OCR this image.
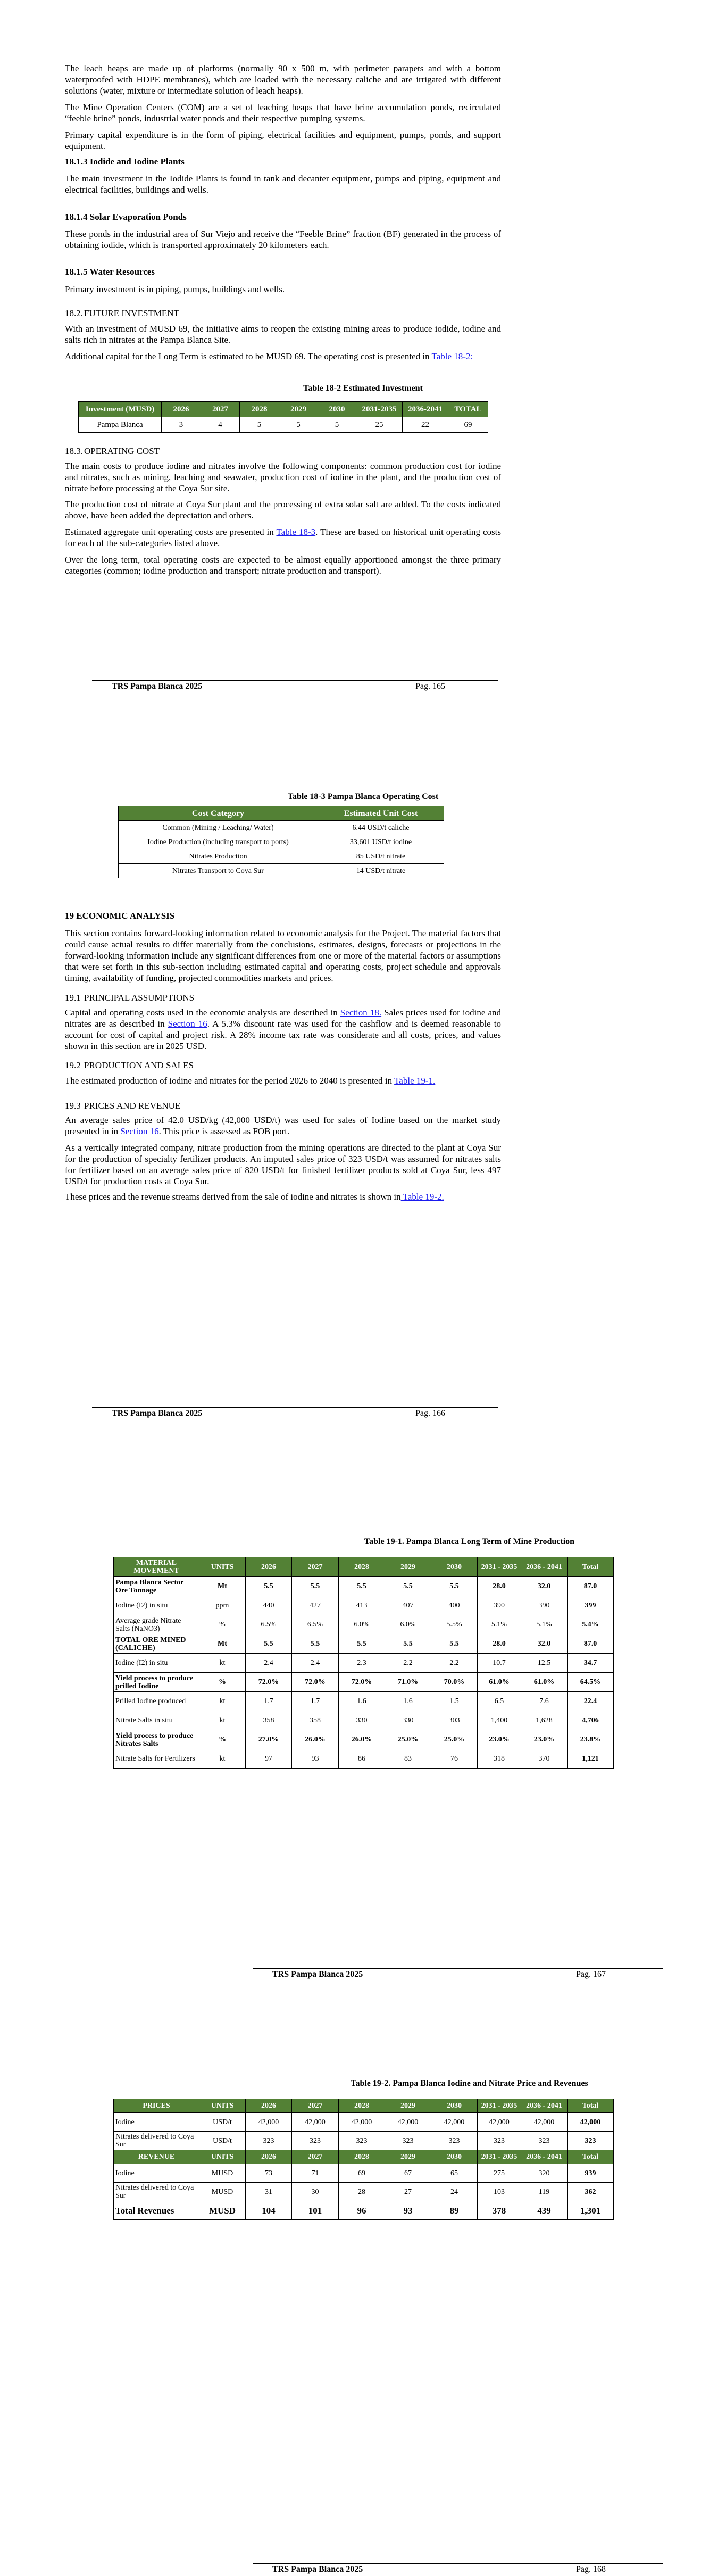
The leach heaps are made up of platforms (normally 90 x 500 m, with perimeter parapets and with a bottom waterproofed with HDPE membranes), which are loaded with the necessary caliche and are irrigated with different solutions (water, mixture or intermediate solution of leach heaps).

The Mine Operation Centers (COM) are a set of leaching heaps that have brine accumulation ponds, recirculated “feeble brine” ponds, industrial water ponds and their respective pumping systems.

Primary capital expenditure is in the form of piping, electrical facilities and equipment, pumps, ponds, and support equipment.

18.1.3 Iodide and Iodine Plants

The main investment in the Iodide Plants is found in tank and decanter equipment, pumps and piping, equipment and electrical facilities, buildings and wells.

18.1.4 Solar Evaporation Ponds

These ponds in the industrial area of Sur Viejo and receive the “Feeble Brine” fraction (BF) generated in the process of obtaining iodide, which is transported approximately 20 kilometers each.

18.1.5 Water Resources

Primary investment is in piping, pumps, buildings and wells.

18.2. FUTURE INVESTMENT

With an investment of MUSD 69, the initiative aims to reopen the existing mining areas to produce iodide, iodine and salts rich in nitrates at the Pampa Blanca Site.

Additional capital for the Long Term is estimated to be MUSD 69. The operating cost is presented in Table 18-2:

Table 18-2 Estimated Investment
Investment (MUSD)	2026	2027	2028	2029	2030	2031-2035	2036-2041	TOTAL
Pampa Blanca	3	4	5	5	5	25	22	69

18.3. OPERATING COST

The main costs to produce iodine and nitrates involve the following components: common production cost for iodine and nitrates, such as mining, leaching and seawater, production cost of iodine in the plant, and the production cost of nitrate before processing at the Coya Sur site.

The production cost of nitrate at Coya Sur plant and the processing of extra solar salt are added. To the costs indicated above, have been added the depreciation and others.

Estimated aggregate unit operating costs are presented in Table 18-3. These are based on historical unit operating costs for each of the sub-categories listed above.

Over the long term, total operating costs are expected to be almost equally apportioned amongst the three primary categories (common; iodine production and transport; nitrate production and transport).

TRS Pampa Blanca 2025	Pag. 165
Table 18-3 Pampa Blanca Operating Cost
Cost Category	Estimated Unit Cost
Common (Mining / Leaching/ Water)	6.44 USD/t caliche
Iodine Production (including transport to ports)	33,601 USD/t iodine
Nitrates Production	85 USD/t nitrate
Nitrates Transport to Coya Sur	14 USD/t nitrate

19 ECONOMIC ANALYSIS

This section contains forward-looking information related to economic analysis for the Project. The material factors that could cause actual results to differ materially from the conclusions, estimates, designs, forecasts or projections in the forward-looking information include any significant differences from one or more of the material factors or assumptions that were set forth in this sub-section including estimated capital and operating costs, project schedule and approvals timing, availability of funding, projected commodities markets and prices.

19.1 PRINCIPAL ASSUMPTIONS

Capital and operating costs used in the economic analysis are described in Section 18. Sales prices used for iodine and nitrates are as described in Section 16. A 5.3% discount rate was used for the cashflow and is deemed reasonable to account for cost of capital and project risk. A 28% income tax rate was considerate and all costs, prices, and values shown in this section are in 2025 USD.

19.2 PRODUCTION AND SALES

The estimated production of iodine and nitrates for the period 2026 to 2040 is presented in Table 19-1.

19.3 PRICES AND REVENUE

An average sales price of 42.0 USD/kg (42,000 USD/t) was used for sales of Iodine based on the market study presented in in Section 16. This price is assessed as FOB port.

As a vertically integrated company, nitrate production from the mining operations are directed to the plant at Coya Sur for the production of specialty fertilizer products. An imputed sales price of 323 USD/t was assumed for nitrates salts for fertilizer based on an average sales price of 820 USD/t for finished fertilizer products sold at Coya Sur, less 497 USD/t for production costs at Coya Sur.

These prices and the revenue streams derived from the sale of iodine and nitrates is shown in Table 19-2.

TRS Pampa Blanca 2025	Pag. 166
Table 19-1. Pampa Blanca Long Term of Mine Production
MATERIAL MOVEMENT	UNITS	2026	2027	2028	2029	2030	2031 - 2035	2036 - 2041	Total
Pampa Blanca Sector Ore Tonnage	Mt	5.5	5.5	5.5	5.5	5.5	28.0	32.0	87.0
Iodine (I2) in situ	ppm	440	427	413	407	400	390	390	399
Average grade Nitrate Salts (NaNO3)	%	6.5%	6.5%	6.0%	6.0%	5.5%	5.1%	5.1%	5.4%
TOTAL ORE MINED (CALICHE)	Mt	5.5	5.5	5.5	5.5	5.5	28.0	32.0	87.0
Iodine (I2) in situ	kt	2.4	2.4	2.3	2.2	2.2	10.7	12.5	34.7
Yield process to produce prilled Iodine	%	72.0%	72.0%	72.0%	71.0%	70.0%	61.0%	61.0%	64.5%
Prilled Iodine produced	kt	1.7	1.7	1.6	1.6	1.5	6.5	7.6	22.4
Nitrate Salts in situ	kt	358	358	330	330	303	1,400	1,628	4,706
Yield process to produce Nitrates Salts	%	27.0%	26.0%	26.0%	25.0%	25.0%	23.0%	23.0%	23.8%
Nitrate Salts for Fertilizers	kt	97	93	86	83	76	318	370	1,121
TRS Pampa Blanca 2025	Pag. 167
Table 19-2. Pampa Blanca Iodine and Nitrate Price and Revenues
PRICES	UNITS	2026	2027	2028	2029	2030	2031 - 2035	2036 - 2041	Total
Iodine	USD/t	42,000	42,000	42,000	42,000	42,000	42,000	42,000	42,000
Nitrates delivered to Coya Sur	USD/t	323	323	323	323	323	323	323	323
REVENUE	UNITS	2026	2027	2028	2029	2030	2031 - 2035	2036 - 2041	Total
Iodine	MUSD	73	71	69	67	65	275	320	939
Nitrates delivered to Coya Sur	MUSD	31	30	28	27	24	103	119	362
Total Revenues	MUSD	104	101	96	93	89	378	439	1,301
TRS Pampa Blanca 2025	Pag. 168
